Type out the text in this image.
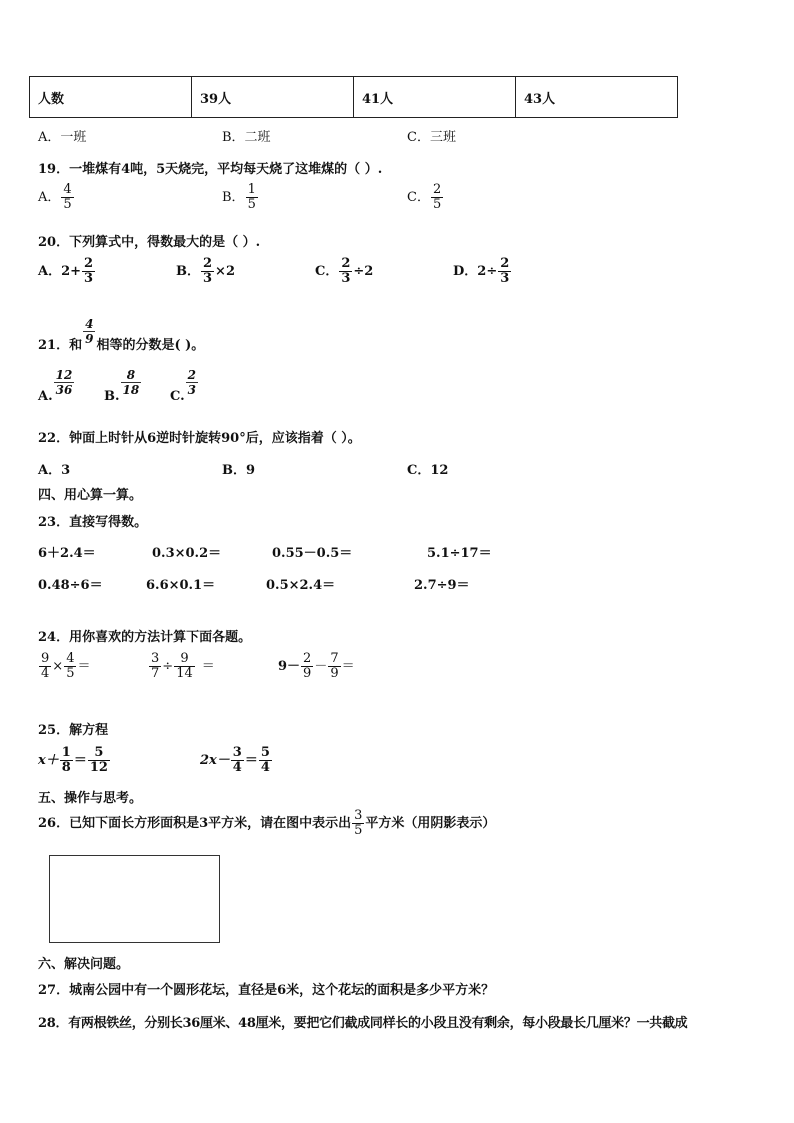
人数	39人	41人	43人
A．一班	B．二班	C．三班
19．一堆煤有4吨，5天烧完，平均每天烧了这堆煤的（ ）.
A． $\frac{4}{5}$	B． $\frac{1}{5}$	C． $\frac{2}{5}$
20．下列算式中，得数最大的是（ ）.
A．$2+ \frac{2}{3}$	B． $\frac{2}{3} \times 2$	C． $\frac{2}{3} \div 2$	D．$2\div \frac{2}{3}$
21．和 $\frac{4}{9}$ 相等的分数是( )。
A. $\frac{12}{36} B$. $\frac{8}{18} C$. $\frac{2}{3}$
22．钟面上时针从6逆时针旋转90°后，应该指着（ ）。
A．3	B．9	C．12
四、用心算一算。
23．直接写得数。
6＋2.4＝	0.3×0.2＝	0.55－0.5＝	5.1÷17＝
0.48÷6＝	6.6×0.1＝	0.5×2.4＝	2.7÷9＝
24．用你喜欢的方法计算下面各题。
$\frac{9}{4} \times \frac{4}{5}$ ＝	$\frac{3}{7} \div \frac{9}{14}$ ＝	$9- \frac{2}{9} - \frac{7}{9}$ ＝
25．解方程
$x+ \frac{1}{8} = \frac{5}{12}$	$2x- \frac{3}{4} = \frac{5}{4}$
五、操作与思考。
26．已知下面长方形面积是3平方米，请在图中表示出 $\frac{3}{5}$ 平方米（用阴影表示）
六、解决问题。
27．城南公园中有一个圆形花坛，直径是6米，这个花坛的面积是多少平方米？
28．有两根铁丝，分别长36厘米、48厘米，要把它们截成同样长的小段且没有剩余，每小段最长几厘米？一共截成
